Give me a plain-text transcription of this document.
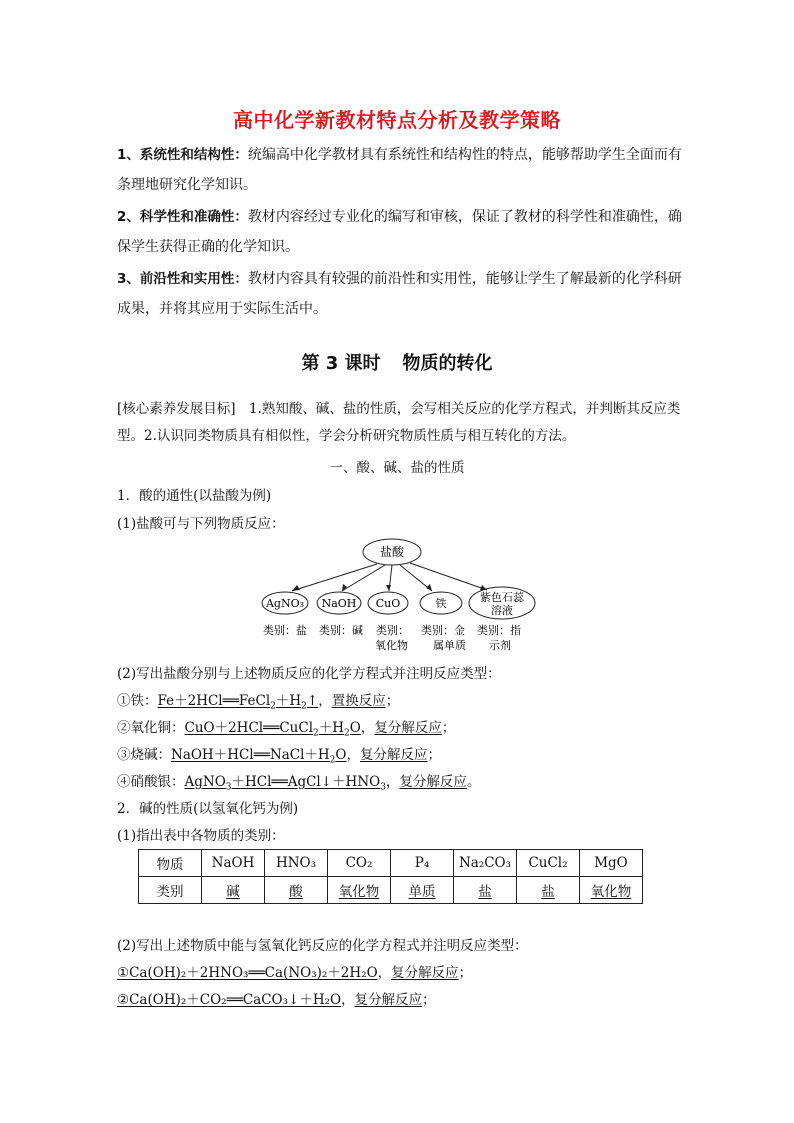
高中化学新教材特点分析及教学策略
1、系统性和结构性：统编高中化学教材具有系统性和结构性的特点，能够帮助学生全面而有条理地研究化学知识。
2、科学性和准确性：教材内容经过专业化的编写和审核，保证了教材的科学性和准确性，确保学生获得正确的化学知识。
3、前沿性和实用性：教材内容具有较强的前沿性和实用性，能够让学生了解最新的化学科研成果，并将其应用于实际生活中。
第 3 课时 物质的转化
[核心素养发展目标]　1.熟知酸、碱、盐的性质，会写相关反应的化学方程式，并判断其反应类型。2.认识同类物质具有相似性，学会分析研究物质性质与相互转化的方法。
一、酸、碱、盐的性质
1．酸的通性(以盐酸为例)
(1)盐酸可与下列物质反应：
盐酸
AgNO₃ NaOH CuO	铁	紫色石蕊
溶液
类别：盐 类别：碱 类别： 类别：金 类别：指
氧化物 属单质 示剂
(2)写出盐酸分别与上述物质反应的化学方程式并注明反应类型：
①铁：$Fe+2HCl══FeCl_2+H_2↑$，置换反应；
②氧化铜：$CuO+2HCl══CuCl_2+H_2O$，复分解反应；
③烧碱：$NaOH+HCl══NaCl+H_2O$，复分解反应；
④硝酸银：$AgNO_3+HCl══AgCl↓+HNO_3$，复分解反应。
2．碱的性质(以氢氧化钙为例)
(1)指出表中各物质的类别：
物质	NaOH	HNO₃	CO₂	P₄	Na₂CO₃	CuCl₂	MgO
类别	碱	酸	氧化物	单质	盐	盐	氧化物
(2)写出上述物质中能与氢氧化钙反应的化学方程式并注明反应类型：
①Ca(OH)₂＋2HNO₃══Ca(NO₃)₂＋2H₂O，复分解反应；
②Ca(OH)₂＋CO₂══CaCO₃↓＋H₂O，复分解反应；
